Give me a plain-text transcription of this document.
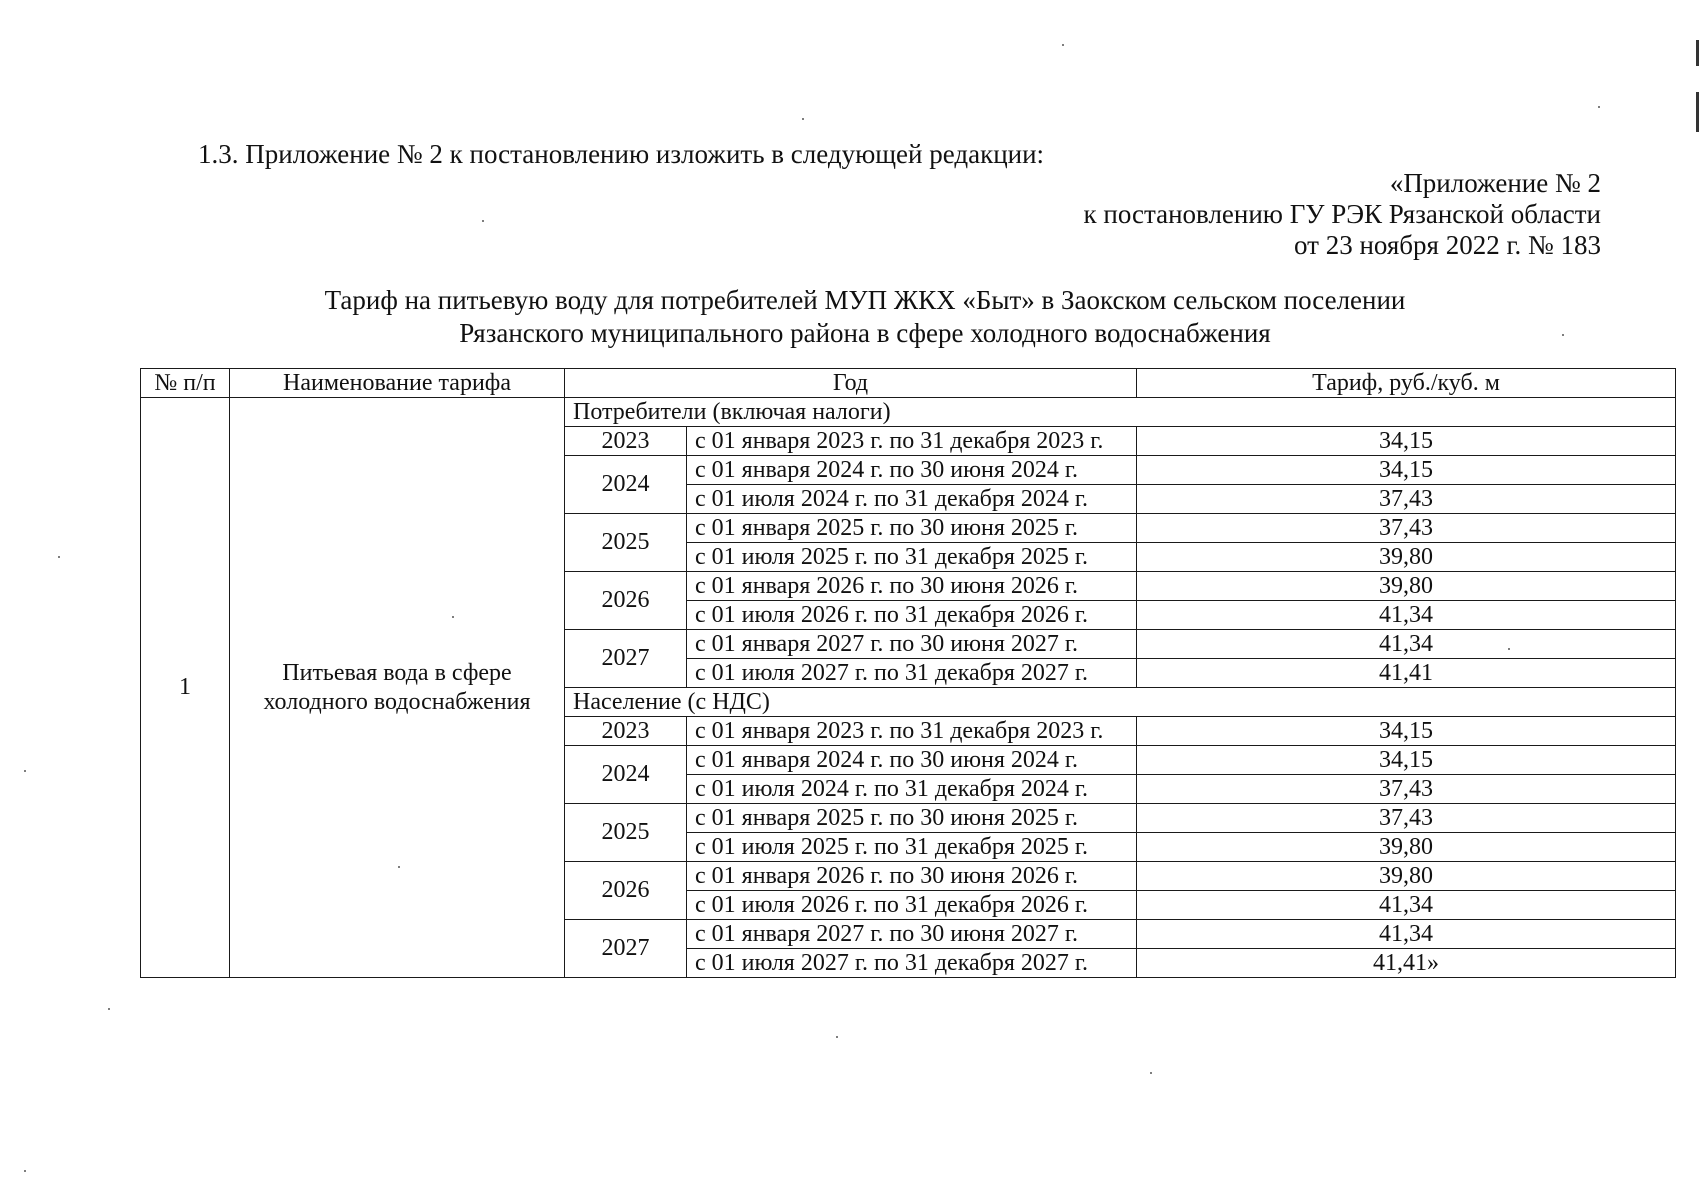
1.3. Приложение № 2 к постановлению изложить в следующей редакции:
«Приложение № 2
к постановлению ГУ РЭК Рязанской области
от 23 ноября 2022 г. № 183
Тариф на питьевую воду для потребителей МУП ЖКХ «Быт» в Заокском сельском поселении
Рязанского муниципального района в сфере холодного водоснабжения
№ п/п	Наименование тарифа	Год		Тариф, руб./куб. м
1	Питьевая вода в сфере холодного водоснабжения	Потребители (включая налоги)		
		2023	с 01 января 2023 г. по 31 декабря 2023 г.	34,15
		2024	с 01 января 2024 г. по 30 июня 2024 г.	34,15
			с 01 июля 2024 г. по 31 декабря 2024 г.	37,43
		2025	с 01 января 2025 г. по 30 июня 2025 г.	37,43
			с 01 июля 2025 г. по 31 декабря 2025 г.	39,80
		2026	с 01 января 2026 г. по 30 июня 2026 г.	39,80
			с 01 июля 2026 г. по 31 декабря 2026 г.	41,34
		2027	с 01 января 2027 г. по 30 июня 2027 г.	41,34
			с 01 июля 2027 г. по 31 декабря 2027 г.	41,41
		Население (с НДС)		
		2023	с 01 января 2023 г. по 31 декабря 2023 г.	34,15
		2024	с 01 января 2024 г. по 30 июня 2024 г.	34,15
			с 01 июля 2024 г. по 31 декабря 2024 г.	37,43
		2025	с 01 января 2025 г. по 30 июня 2025 г.	37,43
			с 01 июля 2025 г. по 31 декабря 2025 г.	39,80
		2026	с 01 января 2026 г. по 30 июня 2026 г.	39,80
			с 01 июля 2026 г. по 31 декабря 2026 г.	41,34
		2027	с 01 января 2027 г. по 30 июня 2027 г.	41,34
			с 01 июля 2027 г. по 31 декабря 2027 г.	41,41»
